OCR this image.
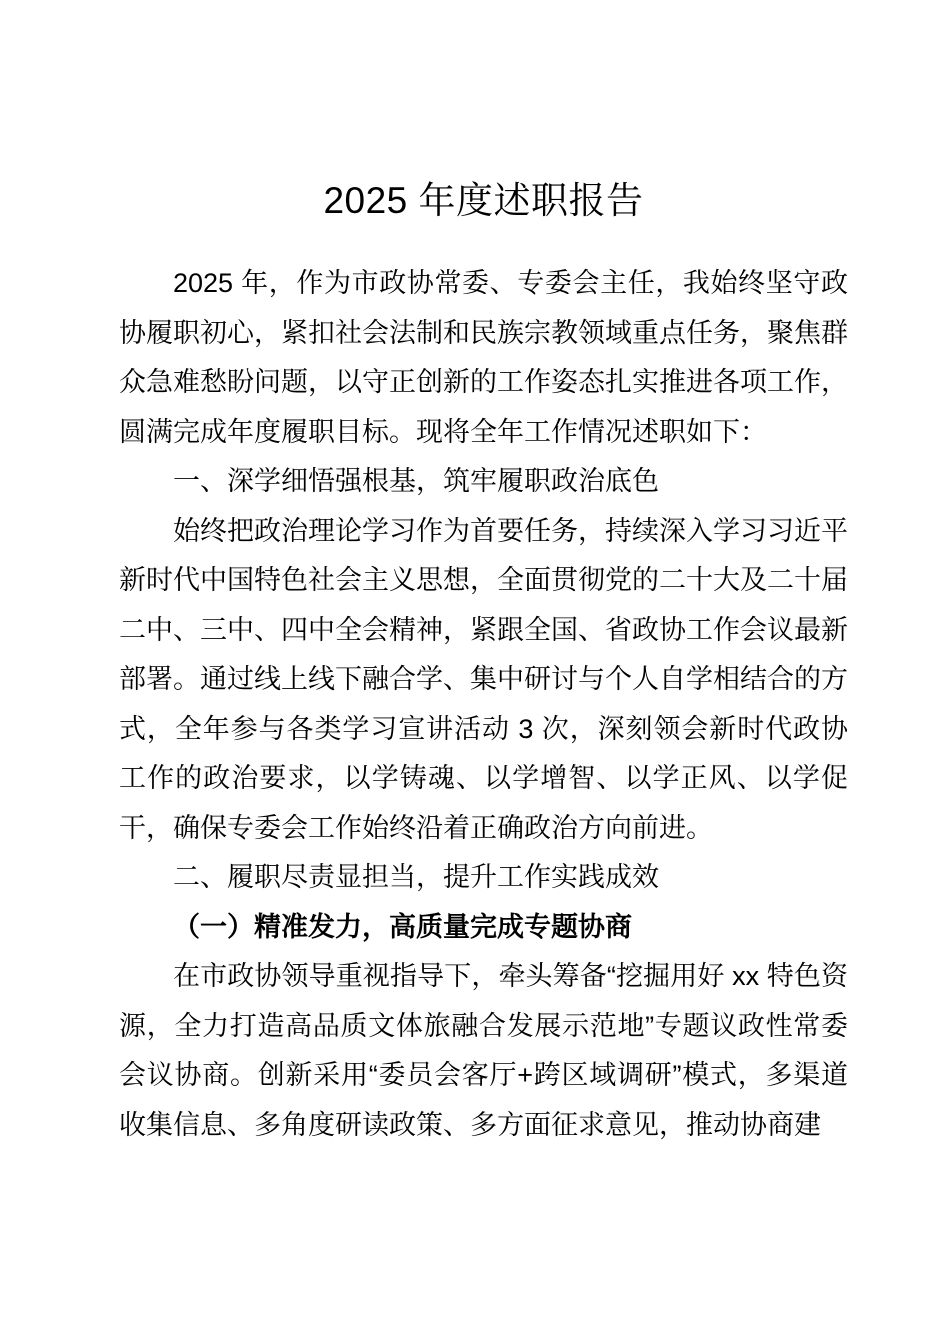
2025 年度述职报告

2025 年，作为市政协常委、专委会主任，我始终坚守政协履职初心，紧扣社会法制和民族宗教领域重点任务，聚焦群众急难愁盼问题，以守正创新的工作姿态扎实推进各项工作，圆满完成年度履职目标。现将全年工作情况述职如下：

一、深学细悟强根基，筑牢履职政治底色

始终把政治理论学习作为首要任务，持续深入学习习近平新时代中国特色社会主义思想，全面贯彻党的二十大及二十届二中、三中、四中全会精神，紧跟全国、省政协工作会议最新部署。通过线上线下融合学、集中研讨与个人自学相结合的方式，全年参与各类学习宣讲活动 3 次，深刻领会新时代政协工作的政治要求，以学铸魂、以学增智、以学正风、以学促干，确保专委会工作始终沿着正确政治方向前进。

二、履职尽责显担当，提升工作实践成效

（一）精准发力，高质量完成专题协商

在市政协领导重视指导下，牵头筹备“挖掘用好 xx 特色资源，全力打造高品质文体旅融合发展示范地”专题议政性常委会议协商。创新采用“委员会客厅+跨区域调研”模式，多渠道收集信息、多角度研读政策、多方面征求意见，推动协商建
